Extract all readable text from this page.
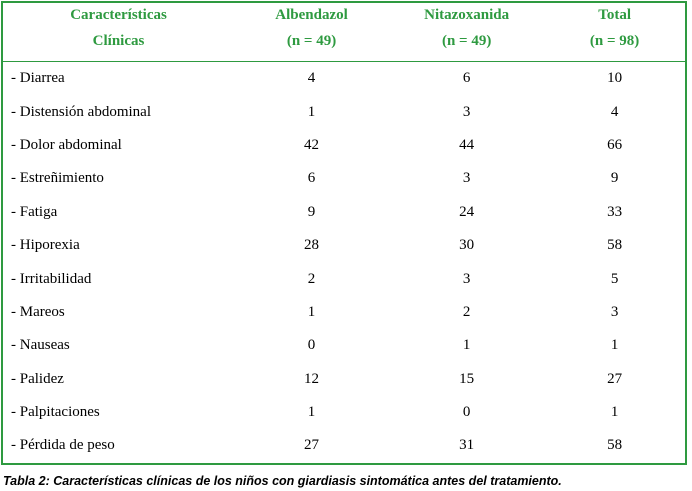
Características	Albendazol	Nitazoxanida	Total
Clínicas	(n = 49)	(n = 49)	(n = 98)
- Diarrea	4	6	10
- Distensión abdominal	1	3	4
- Dolor abdominal	42	44	66
- Estreñimiento	6	3	9
- Fatiga	9	24	33
- Hiporexia	28	30	58
- Irritabilidad	2	3	5
- Mareos	1	2	3
- Nauseas	0	1	1
- Palidez	12	15	27
- Palpitaciones	1	0	1
- Pérdida de peso	27	31	58
Tabla 2: Características clínicas de los niños con giardiasis sintomática antes del tratamiento.
